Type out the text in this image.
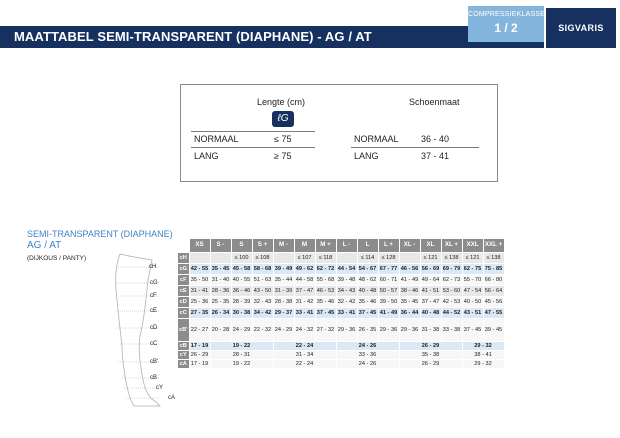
MAATTABEL SEMI-TRANSPARENT (DIAPHANE) - AG / AT
COMPRESSIEKLASSE
1 / 2	SIGVARIS
Lengte (cm)
ℓG
Schoenmaat
NORMAAL	≤ 75
LANG	≥ 75
NORMAAL 36 - 40
LANG	37 - 41
SEMI-TRANSPARENT (DIAPHANE)
AG / AT
(DIJKOUS / PANTY)
cH
cG
cF
cE
cD
cC
cB'
cB
cY
cA
	XS	S -	S	S +	M -	M	M +	L -	L	L +	XL -	XL	XL +	XXL	XXL +
cH			≤ 100	≤ 108		≤ 107	≤ 118		≤ 114	≤ 128		≤ 121	≤ 138	≤ 121	≤ 138
cG	42 - 55	35 - 45	45 - 58	58 - 68	39 - 49	49 - 62	62 - 72	44 - 54	54 - 67	67 - 77	46 - 56	56 - 69	69 - 79	62 - 75	75 - 85
cF	35 - 50	31 - 40	40 - 55	51 - 63	35 - 44	44 - 58	55 - 68	39 - 48	48 - 62	60 - 71	41 - 49	49 - 64	62 - 73	55 - 70	66 - 80
cE	31 - 41	28 - 36	36 - 46	43 - 50	31 - 39	37 - 47	46 - 53	34 - 43	40 - 48	50 - 57	38 - 46	41 - 51	53 - 60	47 - 54	56 - 64
cD	25 - 36	25 - 35	28 - 39	32 - 43	28 - 38	31 - 42	35 - 46	32 - 42	35 - 46	39 - 50	35 - 45	37 - 47	42 - 53	40 - 50	45 - 56
cC	27 - 35	26 - 34	30 - 38	34 - 42	29 - 37	33 - 41	37 - 45	33 - 41	37 - 45	41 - 49	36 - 44	40 - 48	44 - 52	43 - 51	47 - 55
cB'	22 - 27	20 - 28	24 - 29	22 - 32	24 - 29	24 - 32	27 - 32	29 - 36	26 - 35	29 - 36	29 - 36	31 - 38	33 - 38	37 - 45	39 - 45
cB	17 - 19	19 - 22			22 - 24			24 - 26			26 - 29			29 - 32	
cY	26 - 29	28 - 31			31 - 34			33 - 36			35 - 38			38 - 41	
cA	17 - 19	19 - 22			22 - 24			24 - 26			26 - 29			29 - 32	
